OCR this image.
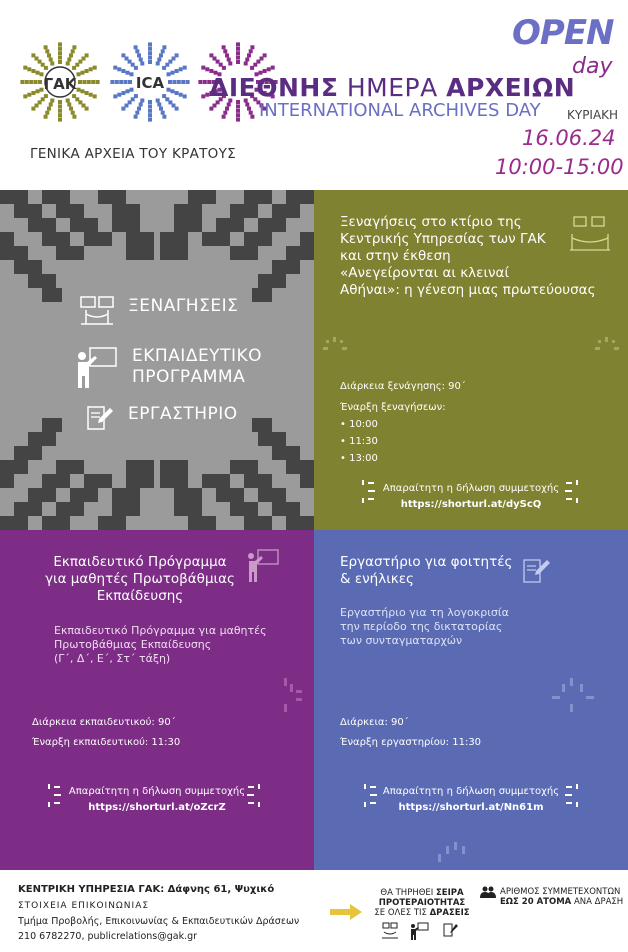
ΓΑΚ	ICA ΔΙΕΘΝΗΣ ΗΜΕΡΑ ΑΡΧΕΙΩΝ
INTERNATIONAL ARCHIVES DAY
ΓΕΝΙΚΑ ΑΡΧΕΙΑ ΤΟΥ ΚΡΑΤΟΥΣ
OPEN
day
ΚΥΡΙΑΚΗ
16.06.24
10:00-15:00
ΞΕΝΑΓΗΣΕΙΣ
ΕΚΠΑΙΔΕΥΤΙΚΟ
ΠΡΟΓΡΑΜΜΑ
ΕΡΓΑΣΤΗΡΙΟ
Ξεναγήσεις στο κτίριο της
Κεντρικής Υπηρεσίας των ΓΑΚ
και στην έκθεση
«Ανεγείρονται αι κλειναί
Αθήναι»: η γένεση μιας πρωτεύουσας
Διάρκεια ξενάγησης: 90΄
Έναρξη ξεναγήσεων:
• 10:00
• 11:30
• 13:00
Απαραίτητη η δήλωση συμμετοχής
https://shorturl.at/dyScQ
Εκπαιδευτικό Πρόγραμμα
για μαθητές Πρωτοβάθμιας
Εκπαίδευσης
Εκπαιδευτικό Πρόγραμμα για μαθητές
Πρωτοβάθμιας Εκπαίδευσης
(Γ΄, Δ΄, Ε΄, Στ΄ τάξη)
Διάρκεια εκπαιδευτικού: 90΄
Έναρξη εκπαιδευτικού: 11:30
Απαραίτητη η δήλωση συμμετοχής
https://shorturl.at/oZcrZ
Εργαστήριο για φοιτητές
& ενήλικες
Εργαστήριο για τη λογοκρισία
την περίοδο της δικτατορίας
των συνταγματαρχών
Διάρκεια: 90΄
Έναρξη εργαστηρίου: 11:30
Απαραίτητη η δήλωση συμμετοχής
https://shorturl.at/Nn61m
ΚΕΝΤΡΙΚΗ ΥΠΗΡΕΣΙΑ ΓΑΚ: Δάφνης 61, Ψυχικό
ΣΤΟΙΧΕΙΑ ΕΠΙΚΟΙΝΩΝΙΑΣ
Τμήμα Προβολής, Επικοινωνίας & Εκπαιδευτικών Δράσεων
210 6782270, publicrelations@gak.gr
ΘΑ ΤΗΡΗΘΕΙ ΣΕΙΡΑ
ΠΡΟΤΕΡΑΙΟΤΗΤΑΣ
ΣΕ ΟΛΕΣ ΤΙΣ ΔΡΑΣΕΙΣ
ΑΡΙΘΜΟΣ ΣΥΜΜΕΤΕΧΟΝΤΩΝ
ΕΩΣ 20 ΑΤΟΜΑ ΑΝΑ ΔΡΑΣΗ
